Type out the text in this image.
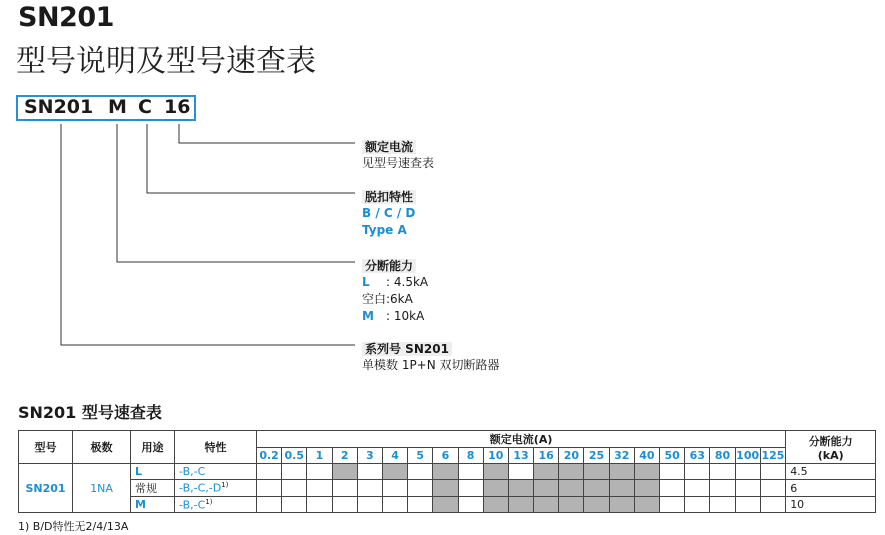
SN201
型号说明及型号速查表
SN201 M C 16
额定电流
见型号速查表
脱扣特性
B / C / D
Type A
分断能力
L : 4.5kA
空白:6kA
M : 10kA
系列号 SN201
单模数 1P+N 双切断路器
SN201 型号速查表
型号	极数	用途	特性	额定电流(A)																					分断能力
(kA)

				0.2	0.5	1	2	3	4	5	6	8	10	13	16	20	25	32	40	50	63	80	100	125	
SN201	1NA	L	-B,-C																						4.5
		常规	$-B,-C,-D^{1)}$																						6
		M	$-B,-C^{1)}$																						10
1) B/D特性无2/4/13A
